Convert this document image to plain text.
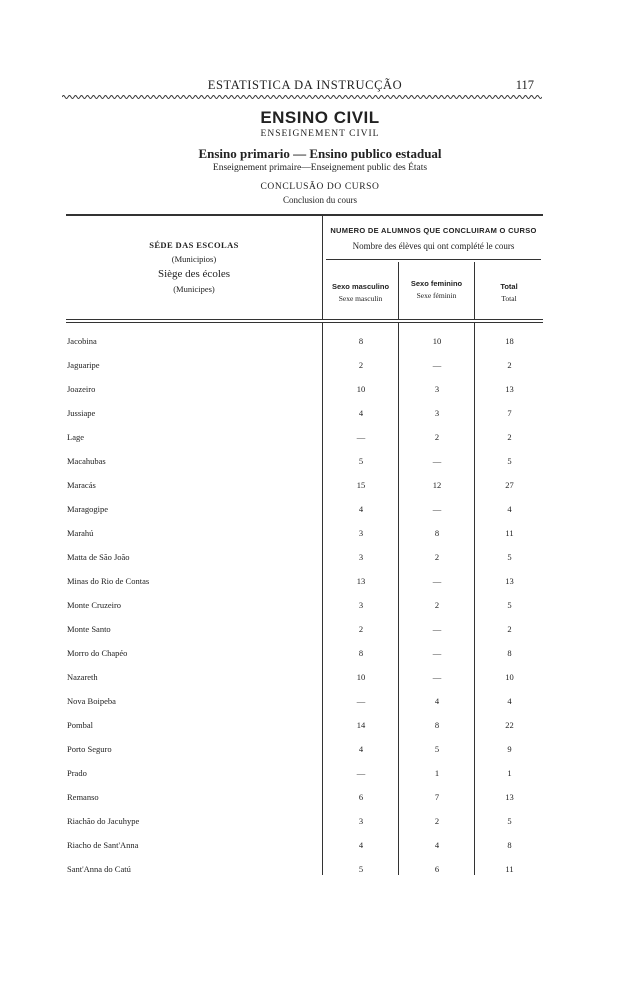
ESTATISTICA DA INSTRUCÇÃO	117
ENSINO CIVIL
ENSEIGNEMENT CIVIL
Ensino primario — Ensino publico estadual
Enseignement primaire—Enseignement public des États
CONCLUSÃO DO CURSO
Conclusion du cours
SÉDE DAS ESCOLAS
(Municipios)
Siège des écoles
(Municipes)
NUMERO DE ALUMNOS QUE CONCLUIRAM O CURSO
Nombre des élèves qui ont complété le cours
Sexo masculino
Sexe masculin
Sexo feminino
Sexe féminin
Total
Total
Jacobina	8	10	18
Jaguaripe	2	—	2
Joazeiro	10	3	13
Jussiape	4	3	7
Lage	—	2	2
Macahubas	5	—	5
Maracás	15	12	27
Maragogipe	4	—	4
Marahú	3	8	11
Matta de São João	3	2	5
Minas do Rio de Contas	13	—	13
Monte Cruzeiro	3	2	5
Monte Santo	2	—	2
Morro do Chapéo	8	—	8
Nazareth	10	—	10
Nova Boipeba	—	4	4
Pombal	14	8	22
Porto Seguro	4	5	9
Prado	—	1	1
Remanso	6	7	13
Riachão do Jacuhype	3	2	5
Riacho de Sant'Anna	4	4	8
Sant'Anna do Catú	5	6	11
